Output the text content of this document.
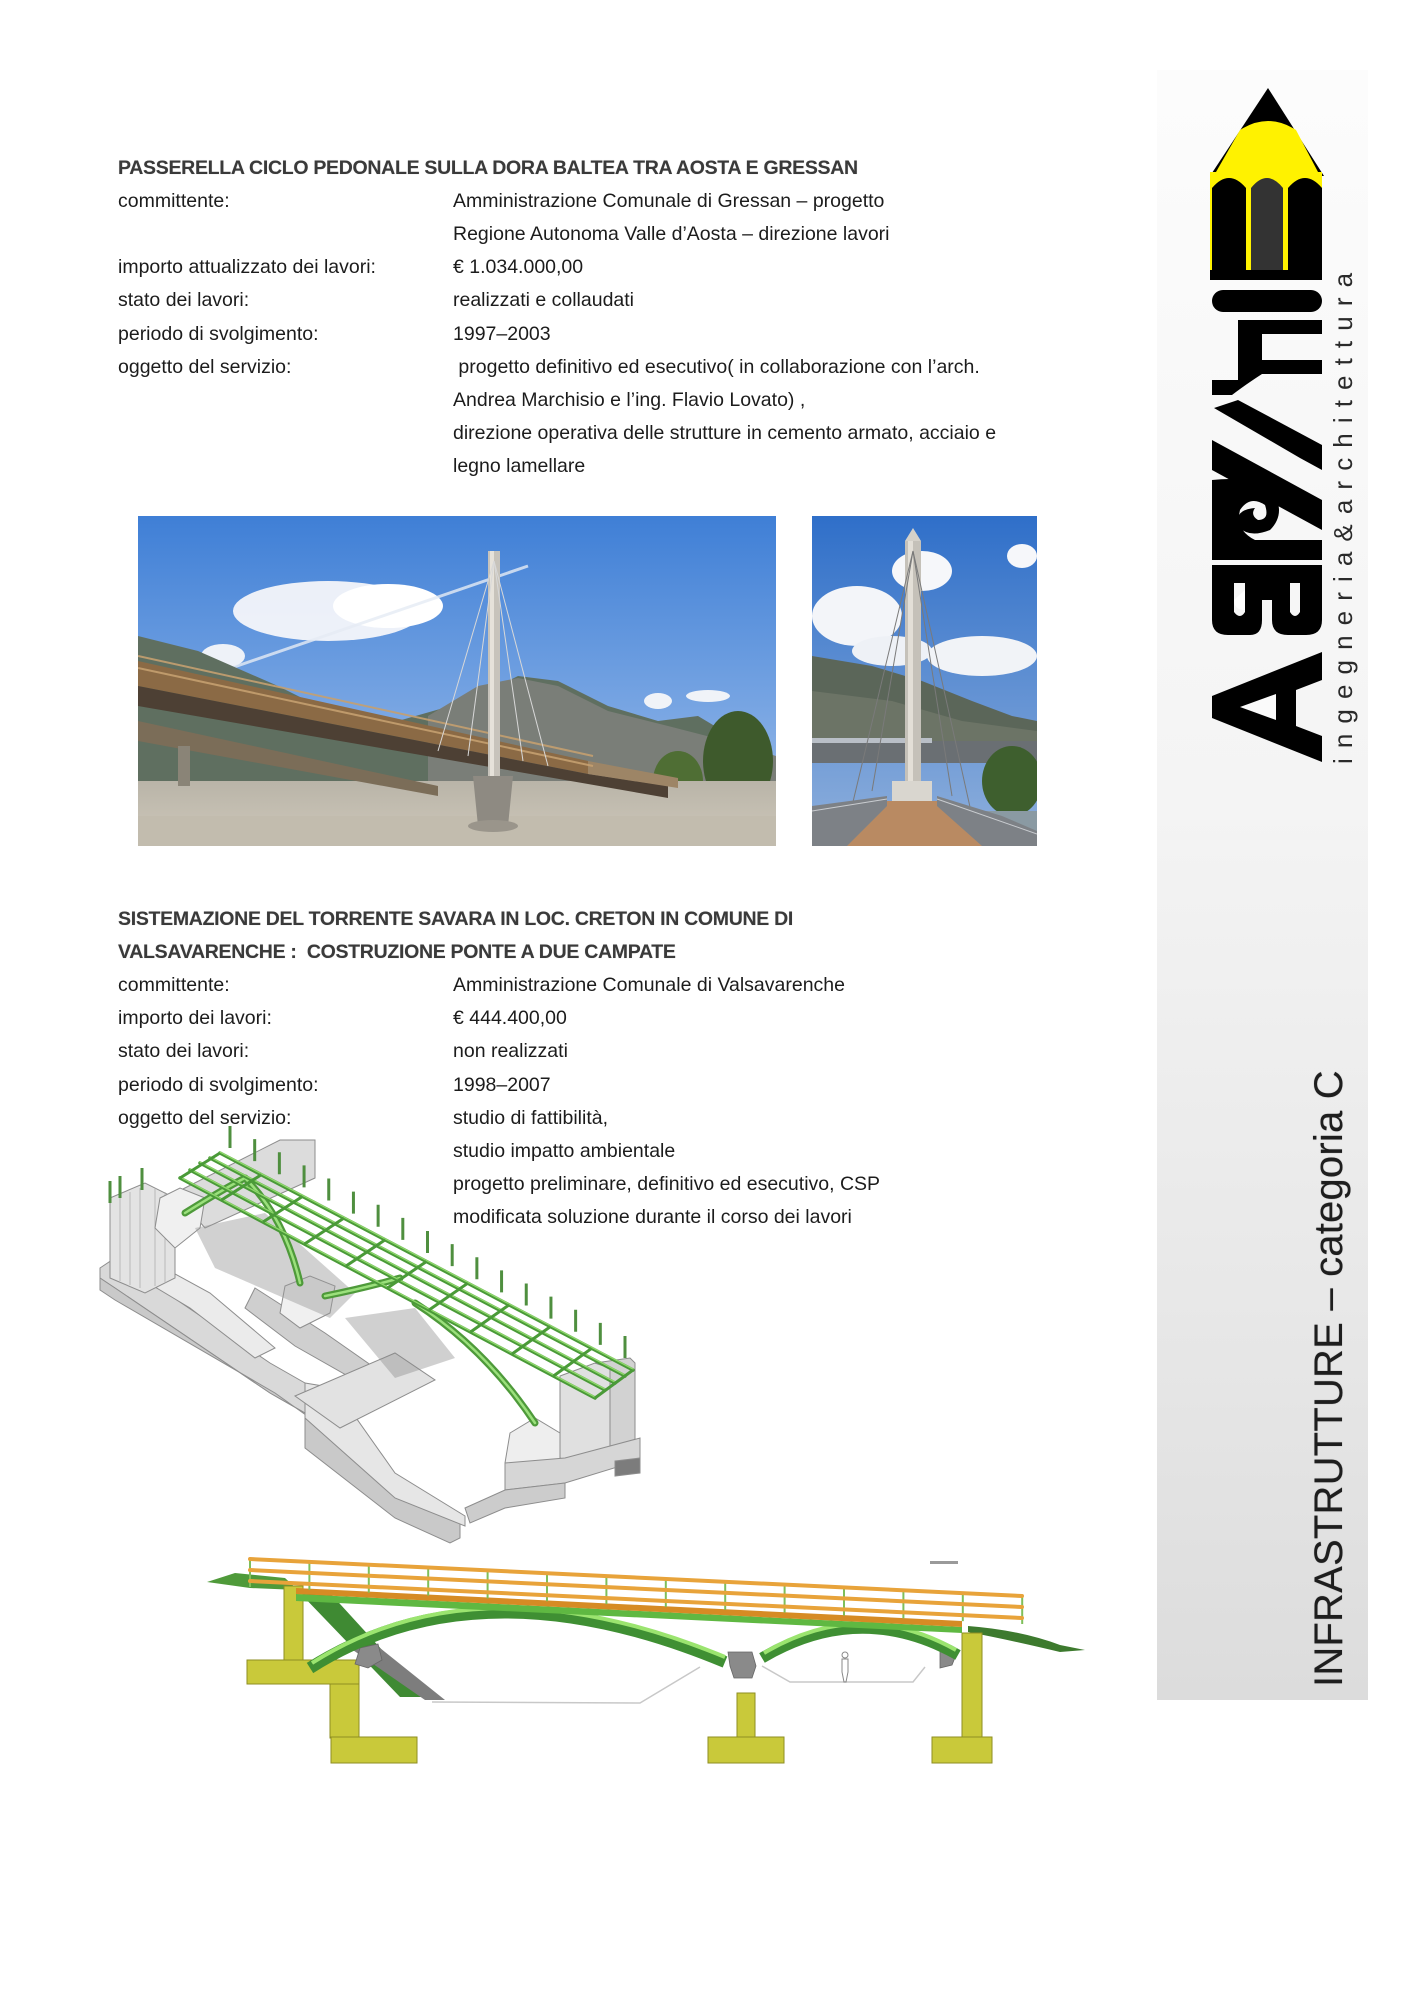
PASSERELLA CICLO PEDONALE SULLA DORA BALTEA TRA AOSTA E GRESSAN
committente:	Amministrazione Comunale di Gressan – progetto
Regione Autonoma Valle d’Aosta – direzione lavori
importo attualizzato dei lavori:	€ 1.034.000,00
stato dei lavori:	realizzati e collaudati
periodo di svolgimento:	1997–2003
oggetto del servizio:	progetto definitivo ed esecutivo( in collaborazione con l’arch.
Andrea Marchisio e l’ing. Flavio Lovato) ,
direzione operativa delle strutture in cemento armato, acciaio e
legno lamellare
SISTEMAZIONE DEL TORRENTE SAVARA IN LOC. CRETON IN COMUNE DI
VALSAVARENCHE :  COSTRUZIONE PONTE A DUE CAMPATE
committente:	Amministrazione Comunale di Valsavarenche
importo dei lavori:	€ 444.400,00
stato dei lavori:	non realizzati
periodo di svolgimento:	1998–2007
oggetto del servizio:	studio di fattibilità,
studio impatto ambientale
progetto preliminare, definitivo ed esecutivo, CSP
modificata soluzione durante il corso dei lavori
ingegneria&architettura
INFRASTRUTTURE – categoria C
